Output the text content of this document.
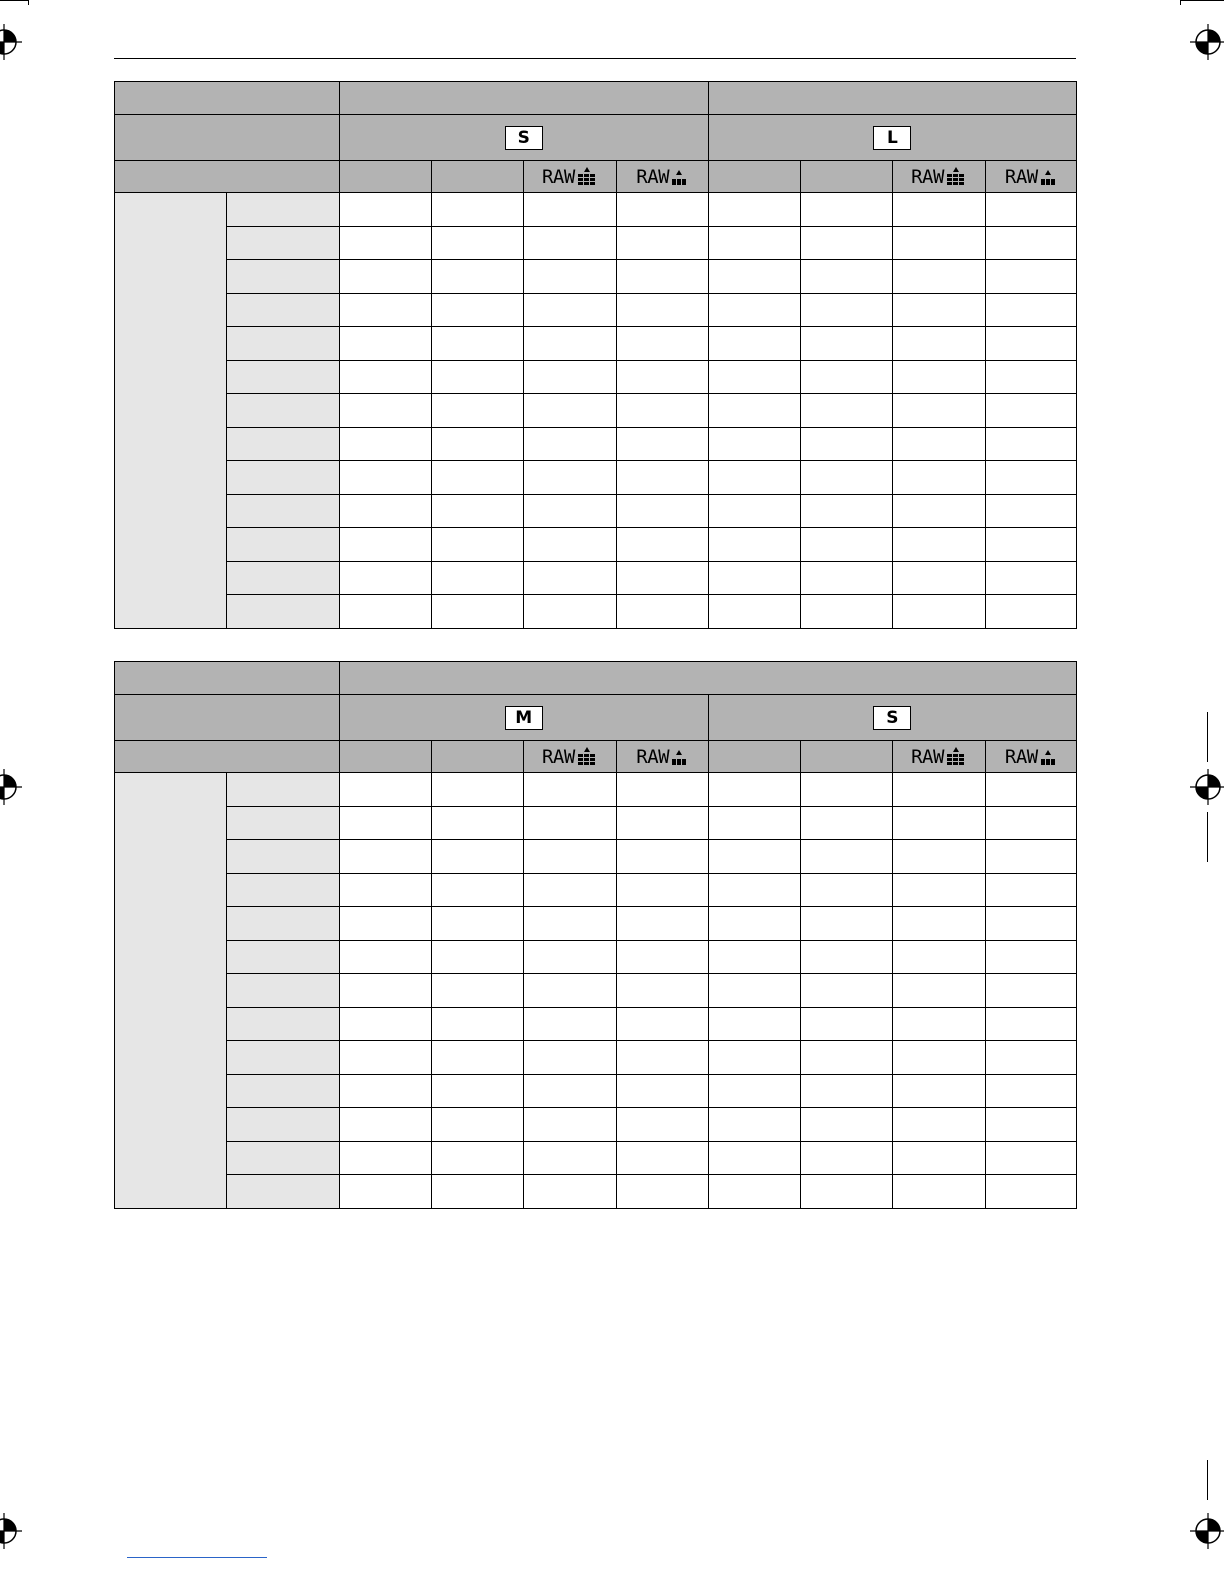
		S				L			

				RAW	RAW			RAW	RAW

		M				S			

				RAW	RAW			RAW	RAW
